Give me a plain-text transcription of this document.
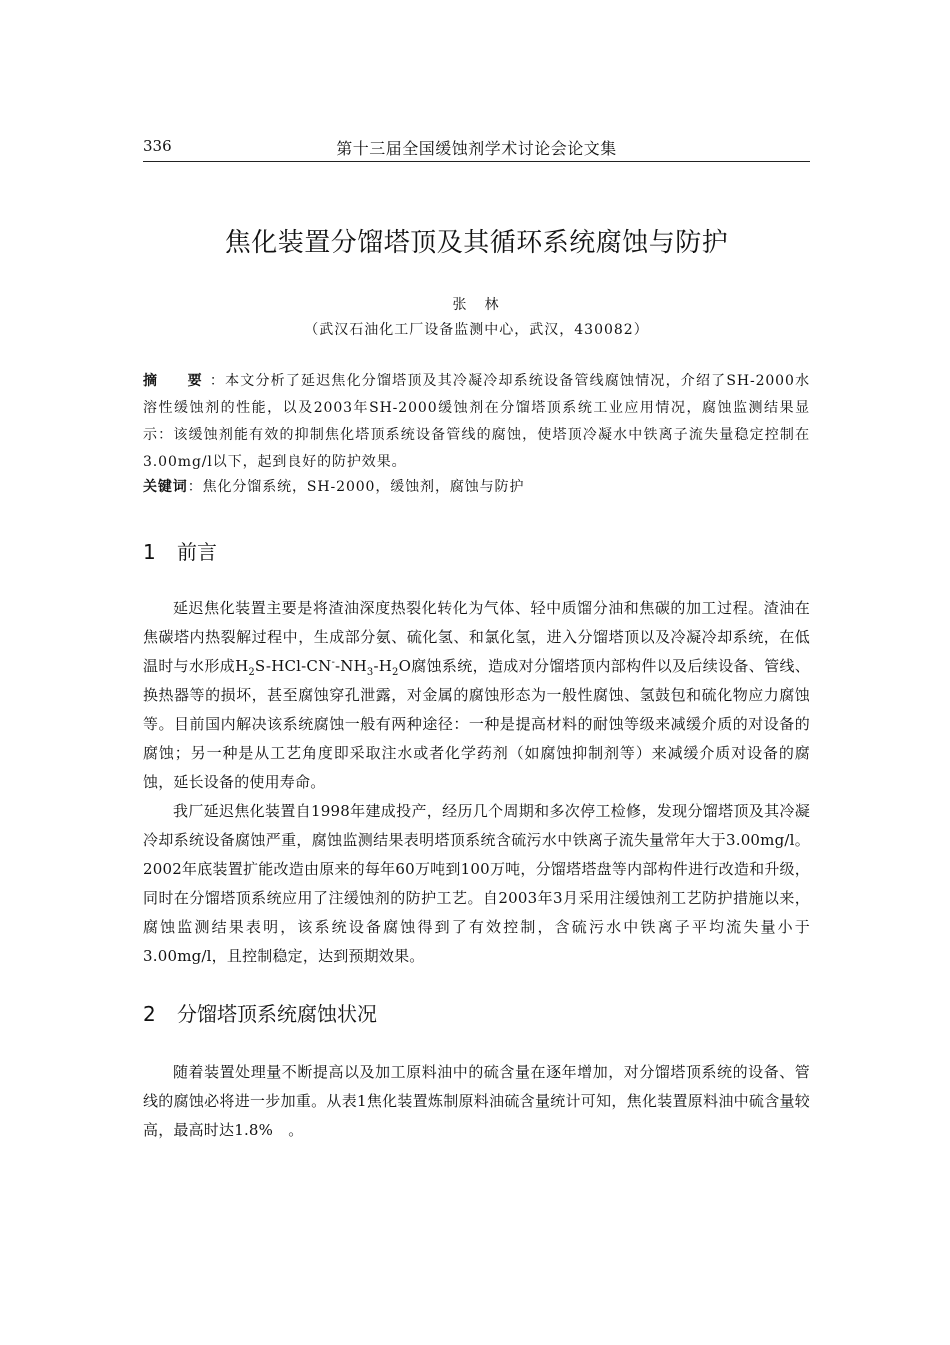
336	第十三届全国缓蚀剂学术讨论会论文集
焦化装置分馏塔顶及其循环系统腐蚀与防护
张　林
（武汉石油化工厂设备监测中心，武汉，430082）
摘　要：本文分析了延迟焦化分馏塔顶及其冷凝冷却系统设备管线腐蚀情况，介绍了SH-2000水溶性缓蚀剂的性能，以及2003年SH-2000缓蚀剂在分馏塔顶系统工业应用情况，腐蚀监测结果显示：该缓蚀剂能有效的抑制焦化塔顶系统设备管线的腐蚀，使塔顶冷凝水中铁离子流失量稳定控制在3.00mg/l以下，起到良好的防护效果。
关键词：焦化分馏系统，SH-2000，缓蚀剂，腐蚀与防护
1 前言

延迟焦化装置主要是将渣油深度热裂化转化为气体、轻中质馏分油和焦碳的加工过程。渣油在焦碳塔内热裂解过程中，生成部分氨、硫化氢、和氯化氢，进入分馏塔顶以及冷凝冷却系统，在低温时与水形成$H_2S-HCl-CN^--NH_3-H_2O$腐蚀系统，造成对分馏塔顶内部构件以及后续设备、管线、换热器等的损坏，甚至腐蚀穿孔泄露，对金属的腐蚀形态为一般性腐蚀、氢鼓包和硫化物应力腐蚀等。目前国内解决该系统腐蚀一般有两种途径：一种是提高材料的耐蚀等级来减缓介质的对设备的腐蚀；另一种是从工艺角度即采取注水或者化学药剂（如腐蚀抑制剂等）来减缓介质对设备的腐蚀，延长设备的使用寿命。

我厂延迟焦化装置自1998年建成投产，经历几个周期和多次停工检修，发现分馏塔顶及其冷凝冷却系统设备腐蚀严重，腐蚀监测结果表明塔顶系统含硫污水中铁离子流失量常年大于3.00mg/l。2002年底装置扩能改造由原来的每年60万吨到100万吨，分馏塔塔盘等内部构件进行改造和升级，同时在分馏塔顶系统应用了注缓蚀剂的防护工艺。自2003年3月采用注缓蚀剂工艺防护措施以来，腐蚀监测结果表明，该系统设备腐蚀得到了有效控制，含硫污水中铁离子平均流失量小于3.00mg/l，且控制稳定，达到预期效果。

2 分馏塔顶系统腐蚀状况

随着装置处理量不断提高以及加工原料油中的硫含量在逐年增加，对分馏塔顶系统的设备、管线的腐蚀必将进一步加重。从表1焦化装置炼制原料油硫含量统计可知，焦化装置原料油中硫含量较高，最高时达1.8%　。
